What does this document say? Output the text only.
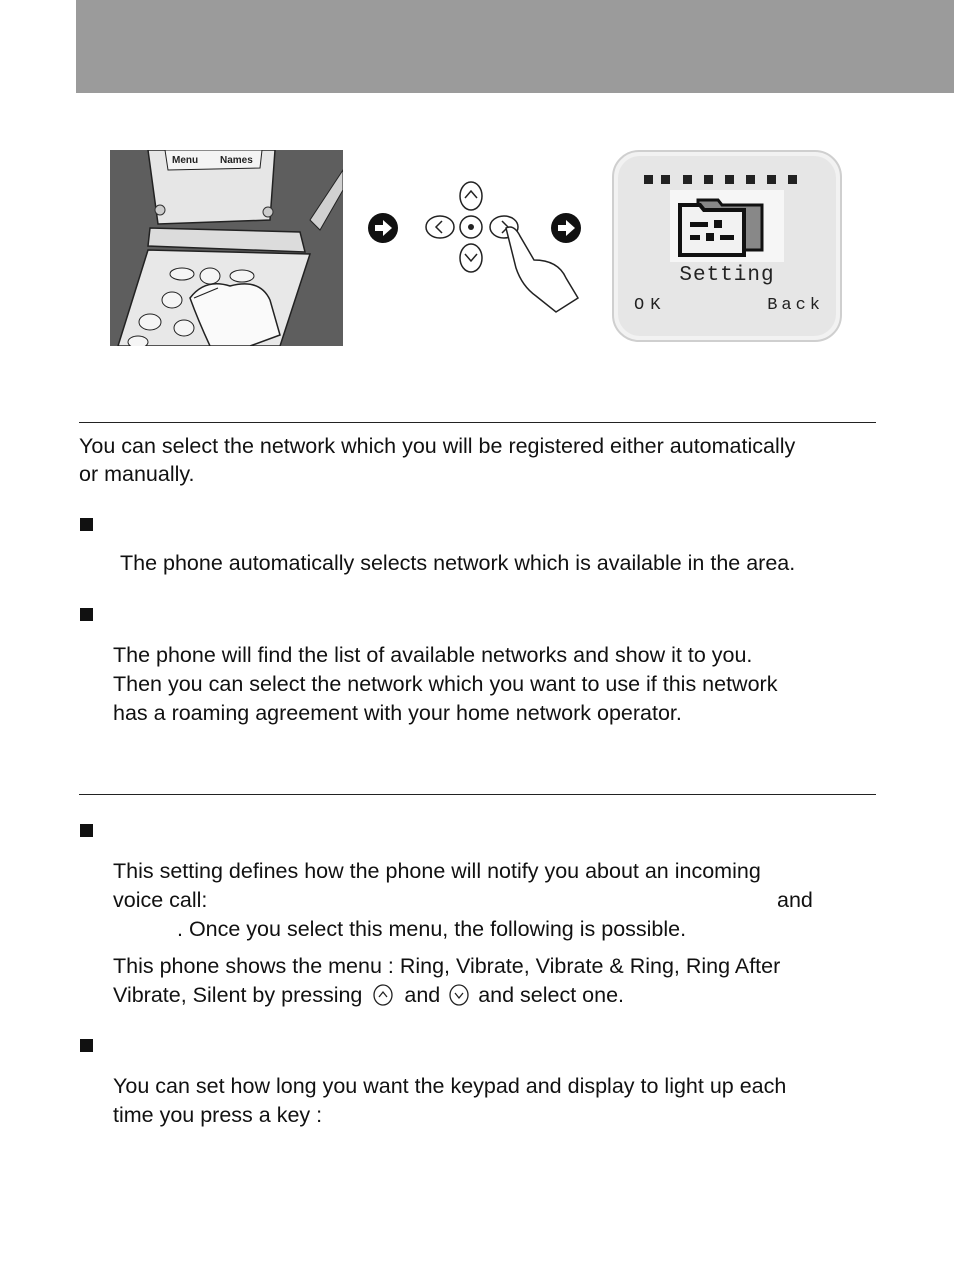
Menu Names
Setting
OK	Back
You can select the network which you will be registered either automatically
or manually.
The phone automatically selects network which is available in the area.
The phone will find the list of available networks and show it to you.
Then you can select the network which you want to use if this network
has a roaming agreement with your home network operator.
This setting defines how the phone will notify you about an incoming
voice call:	and
. Once you select this menu, the following is possible.
This phone shows the menu : Ring, Vibrate, Vibrate & Ring, Ring After
Vibrate, Silent by pressing and and select one.
You can set how long you want the keypad and display to light up each
time you press a key :
